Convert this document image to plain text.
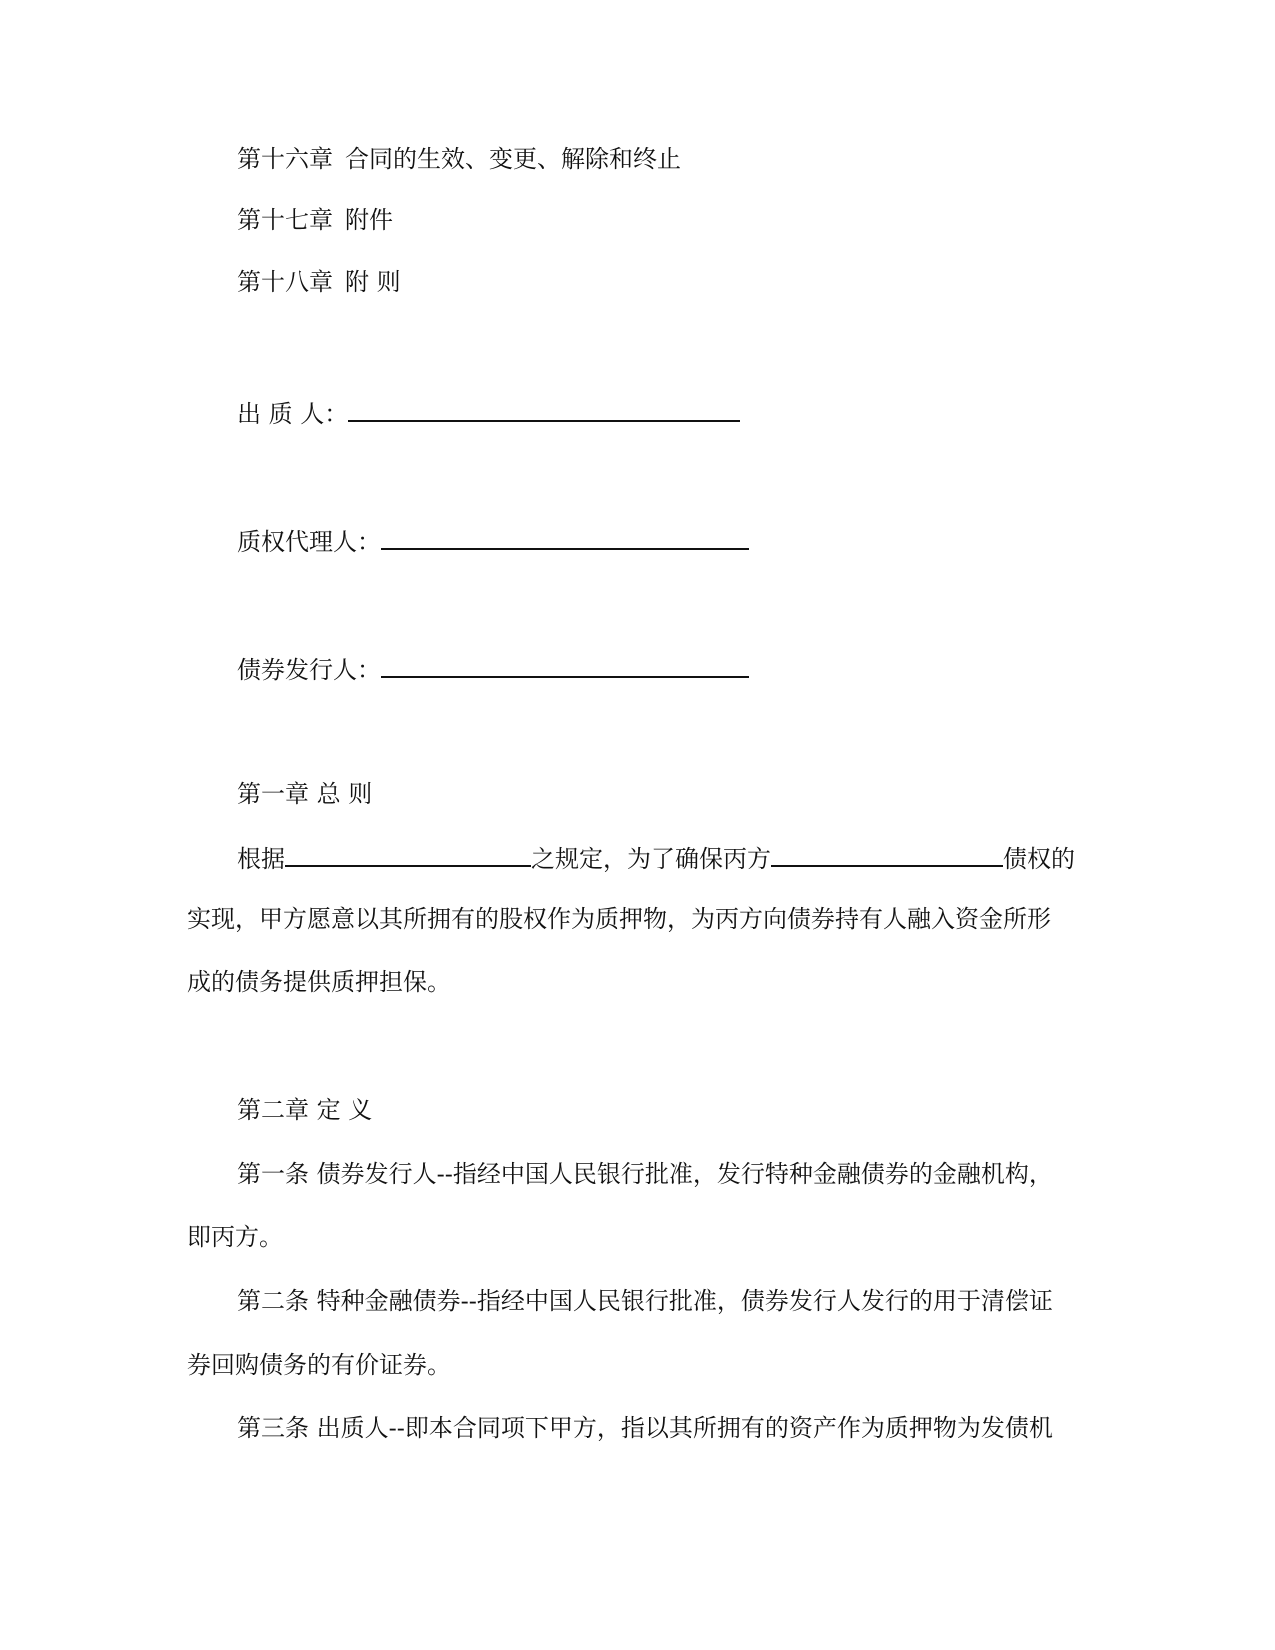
第十六章 合同的生效、变更、解除和终止
第十七章 附件
第十八章 附 则
出 质 人：
质权代理人：
债券发行人：
第一章 总 则
根据	之规定，为了确保丙方	债权的
实现，甲方愿意以其所拥有的股权作为质押物，为丙方向债券持有人融入资金所形
成的债务提供质押担保。
第二章 定 义
第一条 债券发行人--指经中国人民银行批准，发行特种金融债券的金融机构，
即丙方。
第二条 特种金融债券--指经中国人民银行批准，债券发行人发行的用于清偿证
券回购债务的有价证券。
第三条 出质人--即本合同项下甲方，指以其所拥有的资产作为质押物为发债机
